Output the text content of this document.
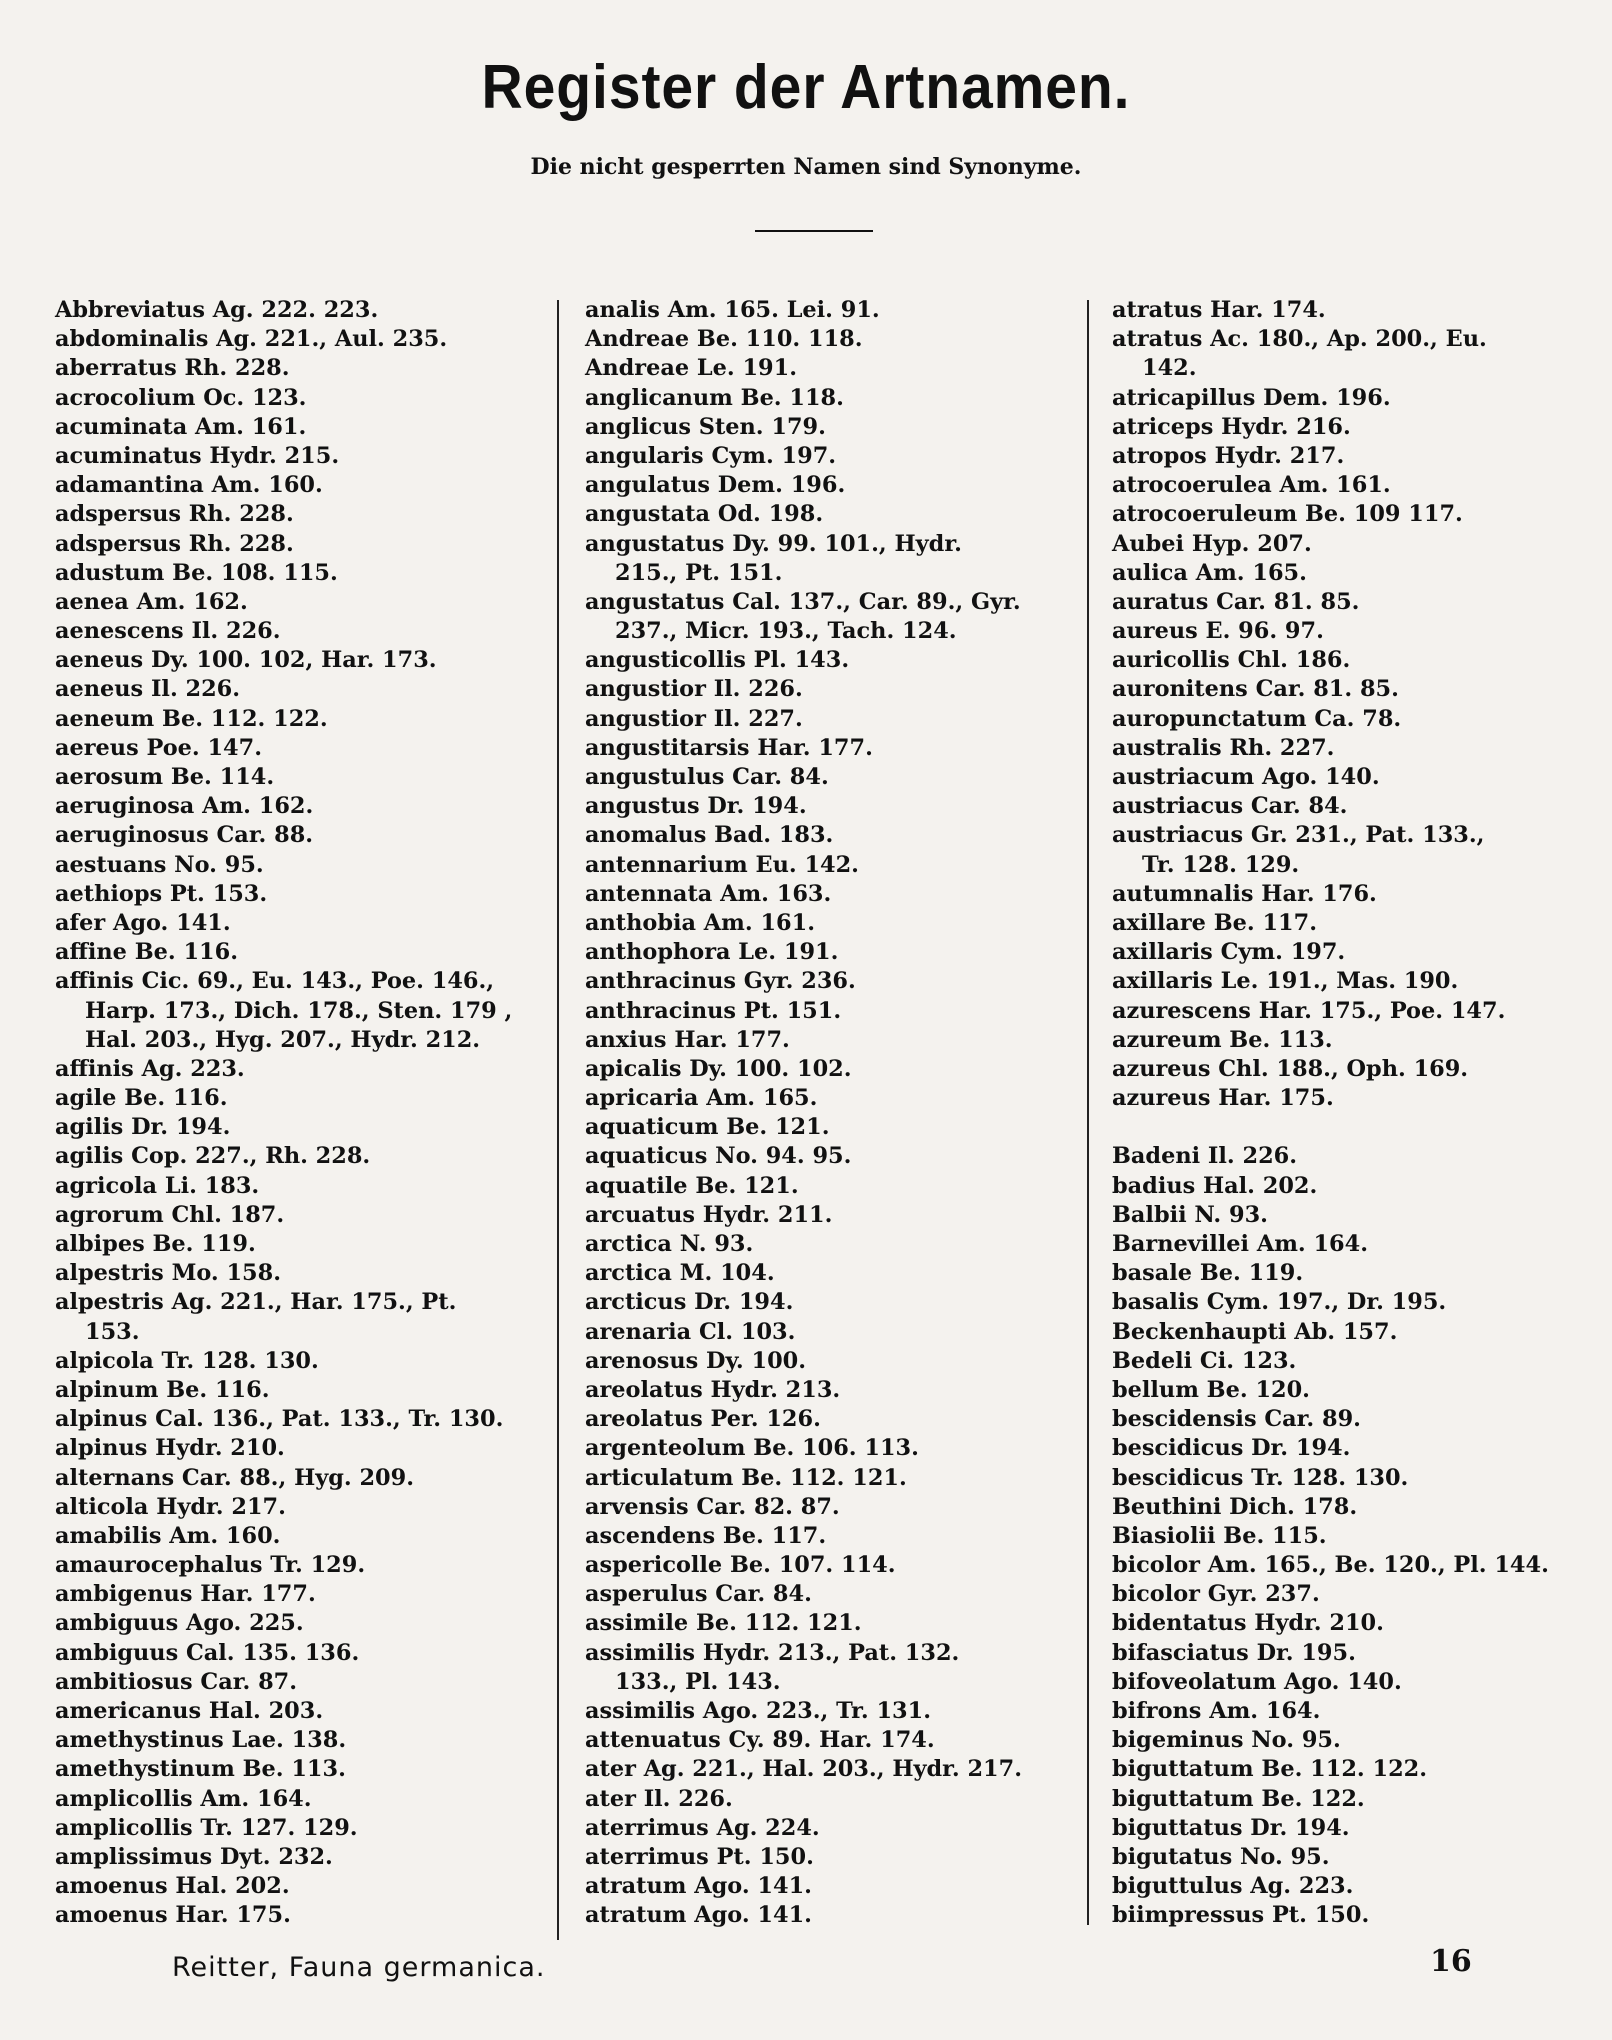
Register der Artnamen.
Die nicht gesperrten Namen sind Synonyme.
Abbreviatus Ag. 222. 223.
abdominalis Ag. 221., Aul. 235.
aberratus Rh. 228.
acrocolium Oc. 123.
acuminata Am. 161.
acuminatus Hydr. 215.
adamantina Am. 160.
adspersus Rh. 228.
adspersus Rh. 228.
adustum Be. 108. 115.
aenea Am. 162.
aenescens Il. 226.
aeneus Dy. 100. 102, Har. 173.
aeneus Il. 226.
aeneum Be. 112. 122.
aereus Poe. 147.
aerosum Be. 114.
aeruginosa Am. 162.
aeruginosus Car. 88.
aestuans No. 95.
aethiops Pt. 153.
afer Ago. 141.
affine Be. 116.
affinis Cic. 69., Eu. 143., Poe. 146.,
Harp. 173., Dich. 178., Sten. 179 ,
Hal. 203., Hyg. 207., Hydr. 212.
affinis Ag. 223.
agile Be. 116.
agilis Dr. 194.
agilis Cop. 227., Rh. 228.
agricola Li. 183.
agrorum Chl. 187.
albipes Be. 119.
alpestris Mo. 158.
alpestris Ag. 221., Har. 175., Pt.
153.
alpicola Tr. 128. 130.
alpinum Be. 116.
alpinus Cal. 136., Pat. 133., Tr. 130.
alpinus Hydr. 210.
alternans Car. 88., Hyg. 209.
alticola Hydr. 217.
amabilis Am. 160.
amaurocephalus Tr. 129.
ambigenus Har. 177.
ambiguus Ago. 225.
ambiguus Cal. 135. 136.
ambitiosus Car. 87.
americanus Hal. 203.
amethystinus Lae. 138.
amethystinum Be. 113.
amplicollis Am. 164.
amplicollis Tr. 127. 129.
amplissimus Dyt. 232.
amoenus Hal. 202.
amoenus Har. 175.
analis Am. 165. Lei. 91.
Andreae Be. 110. 118.
Andreae Le. 191.
anglicanum Be. 118.
anglicus Sten. 179.
angularis Cym. 197.
angulatus Dem. 196.
angustata Od. 198.
angustatus Dy. 99. 101., Hydr.
215., Pt. 151.
angustatus Cal. 137., Car. 89., Gyr.
237., Micr. 193., Tach. 124.
angusticollis Pl. 143.
angustior Il. 226.
angustior Il. 227.
angustitarsis Har. 177.
angustulus Car. 84.
angustus Dr. 194.
anomalus Bad. 183.
antennarium Eu. 142.
antennata Am. 163.
anthobia Am. 161.
anthophora Le. 191.
anthracinus Gyr. 236.
anthracinus Pt. 151.
anxius Har. 177.
apicalis Dy. 100. 102.
apricaria Am. 165.
aquaticum Be. 121.
aquaticus No. 94. 95.
aquatile Be. 121.
arcuatus Hydr. 211.
arctica N. 93.
arctica M. 104.
arcticus Dr. 194.
arenaria Cl. 103.
arenosus Dy. 100.
areolatus Hydr. 213.
areolatus Per. 126.
argenteolum Be. 106. 113.
articulatum Be. 112. 121.
arvensis Car. 82. 87.
ascendens Be. 117.
aspericolle Be. 107. 114.
asperulus Car. 84.
assimile Be. 112. 121.
assimilis Hydr. 213., Pat. 132.
133., Pl. 143.
assimilis Ago. 223., Tr. 131.
attenuatus Cy. 89. Har. 174.
ater Ag. 221., Hal. 203., Hydr. 217.
ater Il. 226.
aterrimus Ag. 224.
aterrimus Pt. 150.
atratum Ago. 141.
atratum Ago. 141.
atratus Har. 174.
atratus Ac. 180., Ap. 200., Eu.
142.
atricapillus Dem. 196.
atriceps Hydr. 216.
atropos Hydr. 217.
atrocoerulea Am. 161.
atrocoeruleum Be. 109 117.
Aubei Hyp. 207.
aulica Am. 165.
auratus Car. 81. 85.
aureus E. 96. 97.
auricollis Chl. 186.
auronitens Car. 81. 85.
auropunctatum Ca. 78.
australis Rh. 227.
austriacum Ago. 140.
austriacus Car. 84.
austriacus Gr. 231., Pat. 133.,
Tr. 128. 129.
autumnalis Har. 176.
axillare Be. 117.
axillaris Cym. 197.
axillaris Le. 191., Mas. 190.
azurescens Har. 175., Poe. 147.
azureum Be. 113.
azureus Chl. 188., Oph. 169.
azureus Har. 175.
Badeni Il. 226.
badius Hal. 202.
Balbii N. 93.
Barnevillei Am. 164.
basale Be. 119.
basalis Cym. 197., Dr. 195.
Beckenhaupti Ab. 157.
Bedeli Ci. 123.
bellum Be. 120.
bescidensis Car. 89.
bescidicus Dr. 194.
bescidicus Tr. 128. 130.
Beuthini Dich. 178.
Biasiolii Be. 115.
bicolor Am. 165., Be. 120., Pl. 144.
bicolor Gyr. 237.
bidentatus Hydr. 210.
bifasciatus Dr. 195.
bifoveolatum Ago. 140.
bifrons Am. 164.
bigeminus No. 95.
biguttatum Be. 112. 122.
biguttatum Be. 122.
biguttatus Dr. 194.
bigutatus No. 95.
biguttulus Ag. 223.
biimpressus Pt. 150.
Reitter, Fauna germanica.	16
